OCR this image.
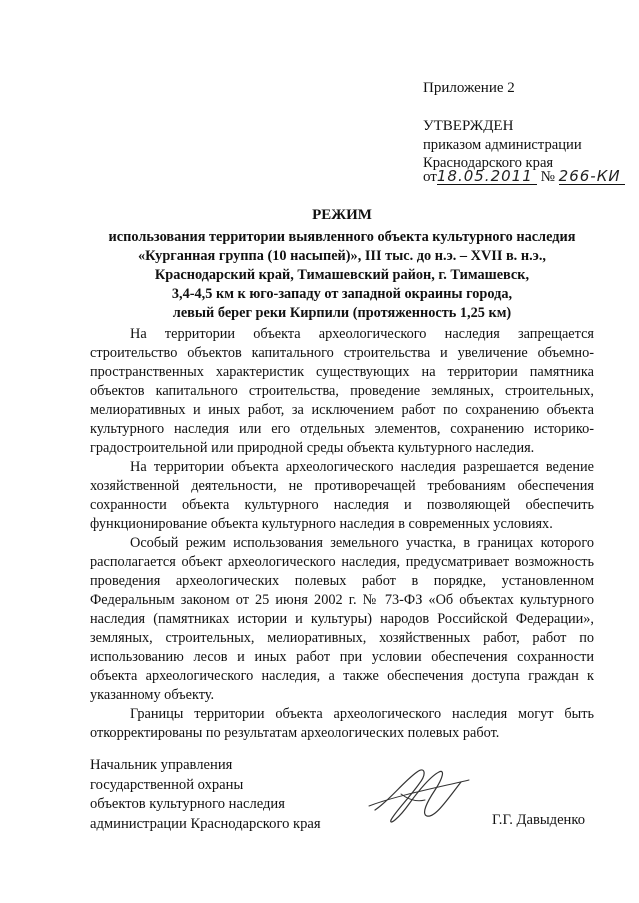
Приложение 2
УТВЕРЖДЕН
приказом администрации
Краснодарского края
от18.05.2011 № 266-КИ
РЕЖИМ
использования территории выявленного объекта культурного наследия
«Курганная группа (10 насыпей)», III тыс. до н.э. – XVII в. н.э.,
Краснодарский край, Тимашевский район, г. Тимашевск,
3,4-4,5 км к юго-западу от западной окраины города,
левый берег реки Кирпили (протяженность 1,25 км)

На территории объекта археологического наследия запрещается строительство объектов капитального строительства и увеличение объемно-пространственных характеристик существующих на территории памятника объектов капитального строительства, проведение земляных, строительных, мелиоративных и иных работ, за исключением работ по сохранению объекта культурного наследия или его отдельных элементов, сохранению историко-градостроительной или природной среды объекта культурного наследия.

На территории объекта археологического наследия разрешается ведение хозяйственной деятельности, не противоречащей требованиям обеспечения сохранности объекта культурного наследия и позволяющей обеспечить функционирование объекта культурного наследия в современных условиях.

Особый режим использования земельного участка, в границах которого располагается объект археологического наследия, предусматривает возможность проведения археологических полевых работ в порядке, установленном Федеральным законом от 25 июня 2002 г. № 73-ФЗ «Об объектах культурного наследия (памятниках истории и культуры) народов Российской Федерации», земляных, строительных, мелиоративных, хозяйственных работ, работ по использованию лесов и иных работ при условии обеспечения сохранности объекта археологического наследия, а также обеспечения доступа граждан к указанному объекту.

Границы территории объекта археологического наследия могут быть откорректированы по результатам археологических полевых работ.

Начальник управления
государственной охраны
объектов культурного наследия
администрации Краснодарского края	Г.Г. Давыденко
